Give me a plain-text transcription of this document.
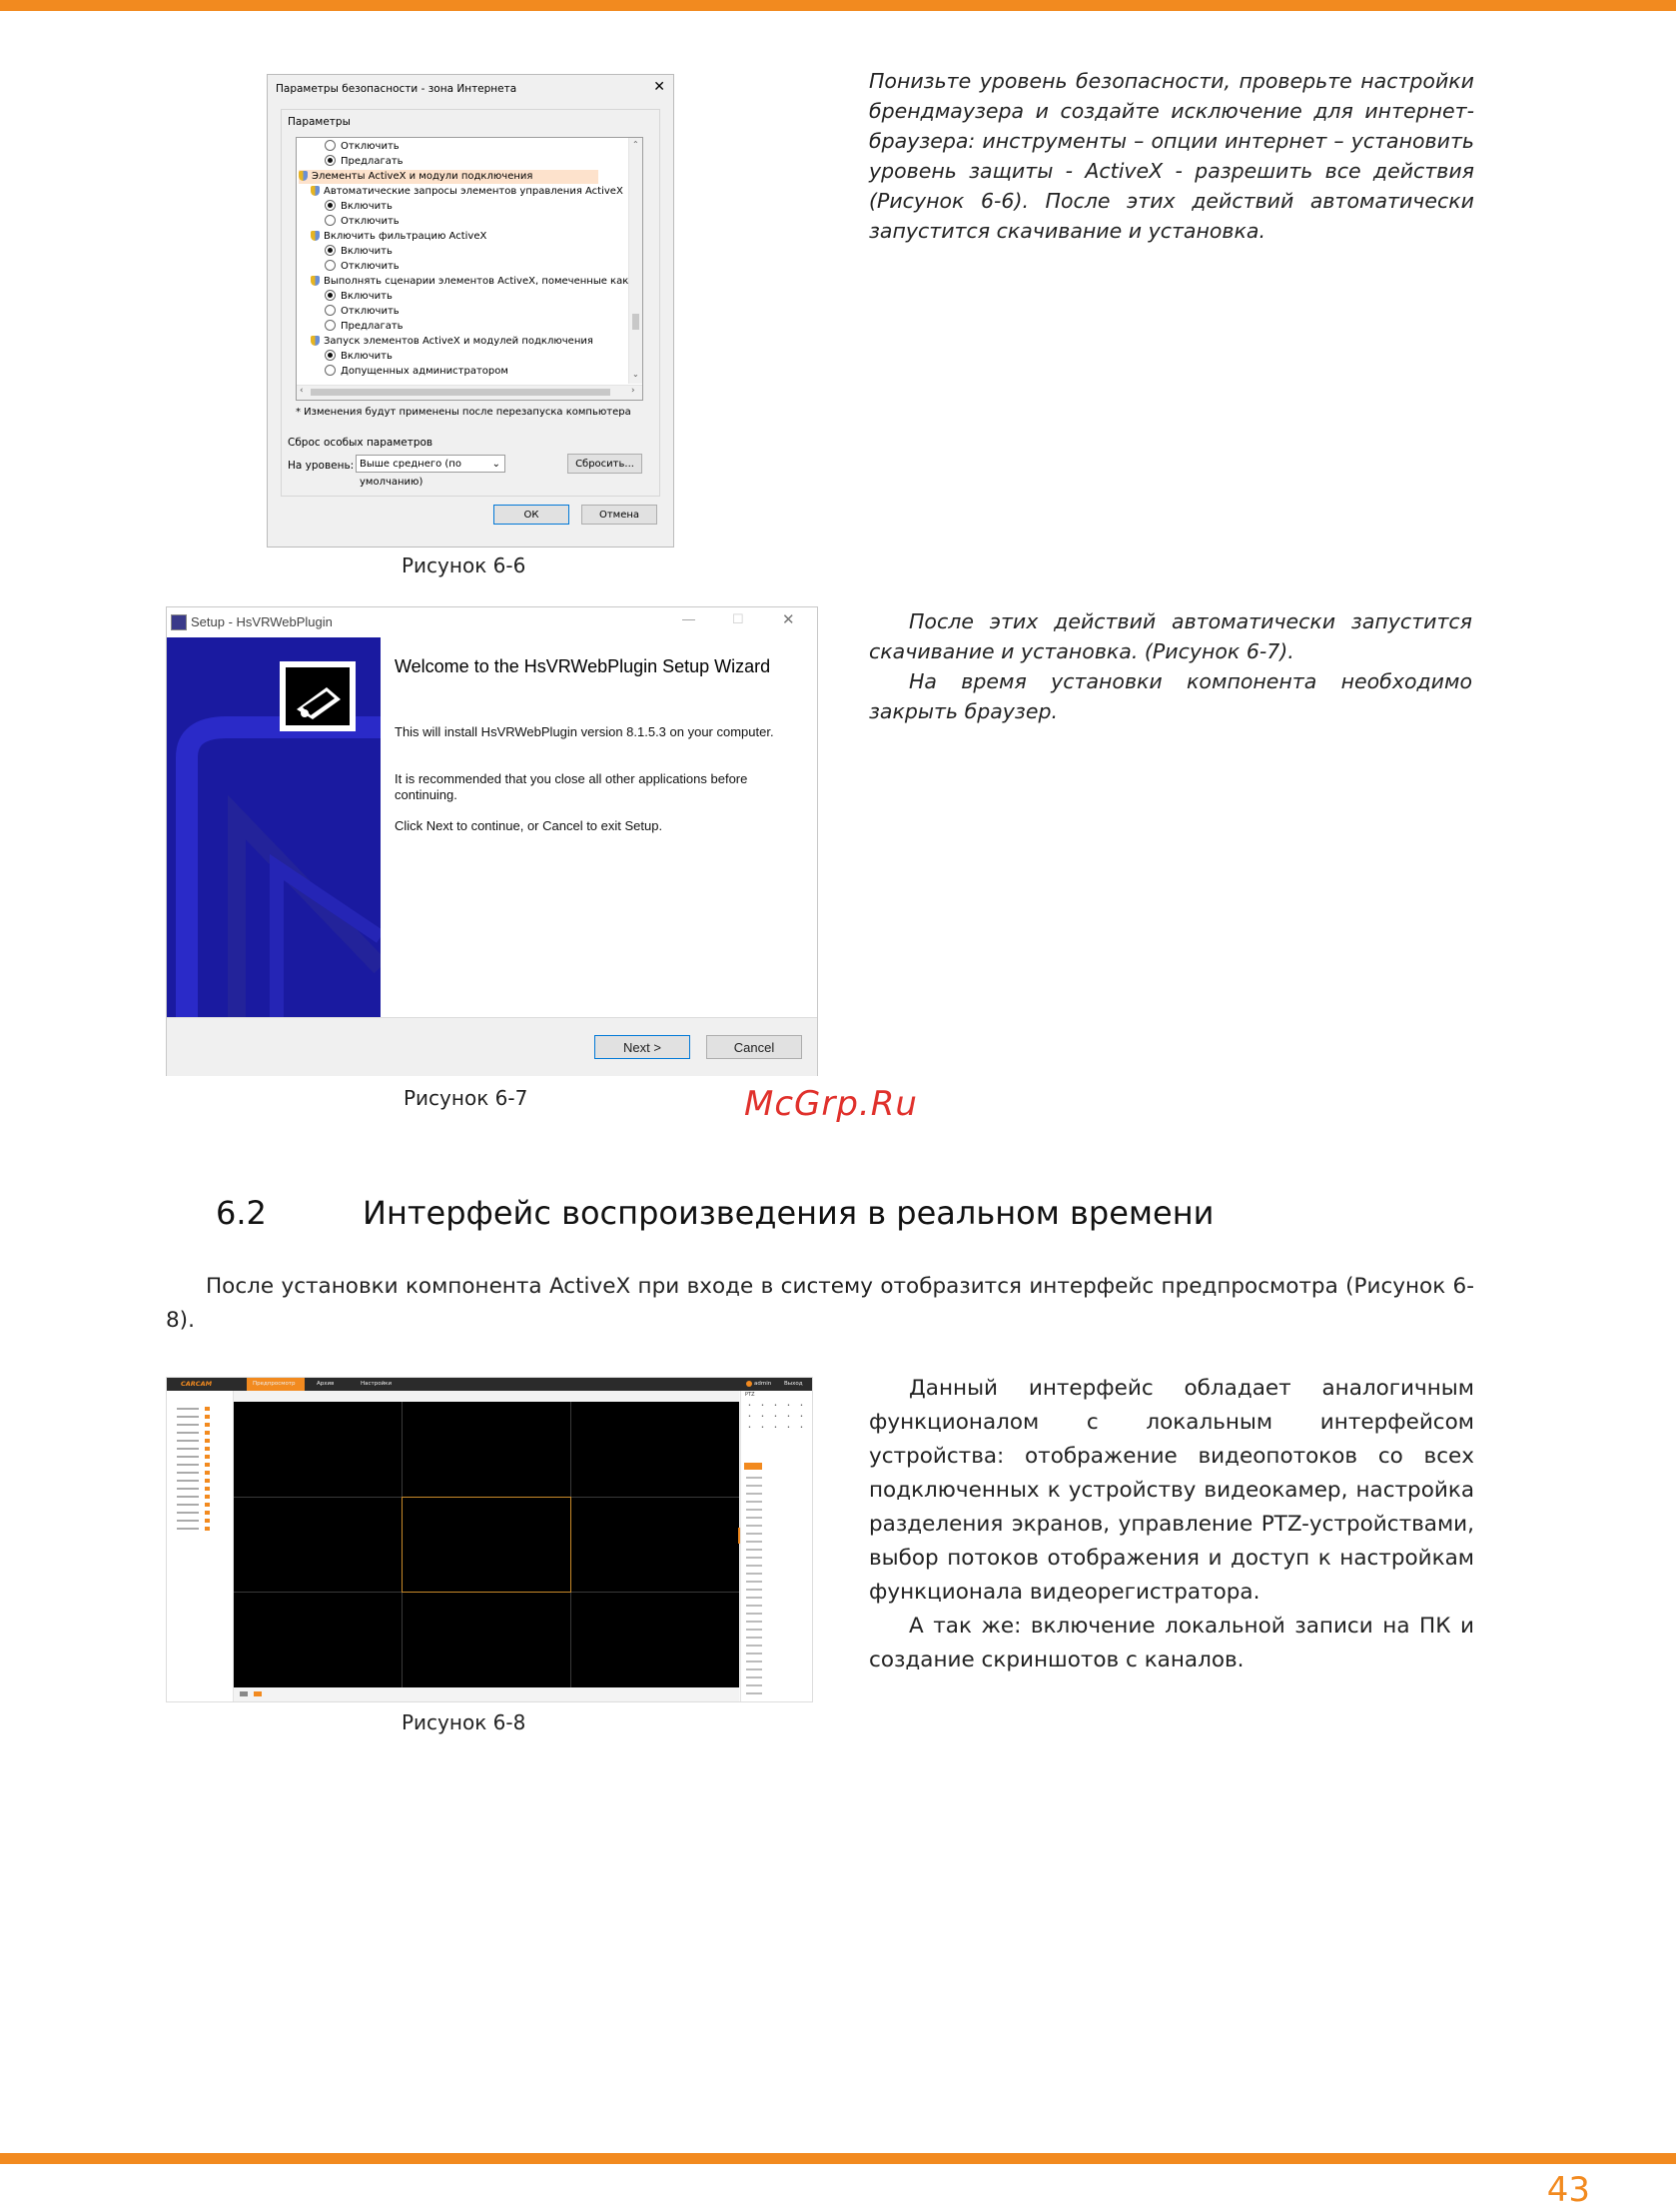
Параметры безопасности - зона Интернета	✕
Параметры
⌃
⌄
‹	›
Отключить
Предлагать
Элементы ActiveX и модули подключения
Автоматические запросы элементов управления ActiveX
Включить
Отключить
Включить фильтрацию ActiveX
Включить
Отключить
Выполнять сценарии элементов ActiveX, помеченные как
Включить
Отключить
Предлагать
Запуск элементов ActiveX и модулей подключения
Включить
Допущенных администратором
* Изменения будут применены после перезапуска компьютера
Сброс особых параметров
На уровень: Выше среднего (по умолчанию)
⌄	Сбросить...
ОК	Отмена
Рисунок 6-6
Понизьте уровень безопасности, проверьте настройки брендмаузера и создайте исключение для интернет-браузера: инструменты – опции интернет – установить уровень защиты - ActiveX - разрешить все действия (Рисунок 6-6). После этих действий автоматически запустится скачивание и установка.
Setup - HsVRWebPlugin	—	☐	✕
Welcome to the HsVRWebPlugin Setup Wizard
This will install HsVRWebPlugin version 8.1.5.3 on your computer.
It is recommended that you close all other applications before continuing.
Click Next to continue, or Cancel to exit Setup.
Next >	Cancel
Рисунок 6-7
После этих действий автоматически запустится скачивание и установка. (Рисунок 6-7).
На время установки компонента необходимо закрыть браузер.
McGrp.Ru
6.2	Интерфейс воспроизведения в реальном времени
После установки компонента ActiveX при входе в систему отобразится интерфейс предпросмотра (Рисунок 6-8).
CARCAM	Предпросмотр	Архив	Настройки	admin	Выход
PTZ
•	•	•	•	•
•	•	•	•	•
•	•	•	•	•
Рисунок 6-8
Данный интерфейс обладает аналогичным функционалом с локальным интерфейсом устройства: отображение видеопотоков со всех подключенных к устройству видеокамер, настройка разделения экранов, управление PTZ-устройствами, выбор потоков отображения и доступ к настройкам функционала видеорегистратора.
А так же: включение локальной записи на ПК и создание скриншотов с каналов.
43
